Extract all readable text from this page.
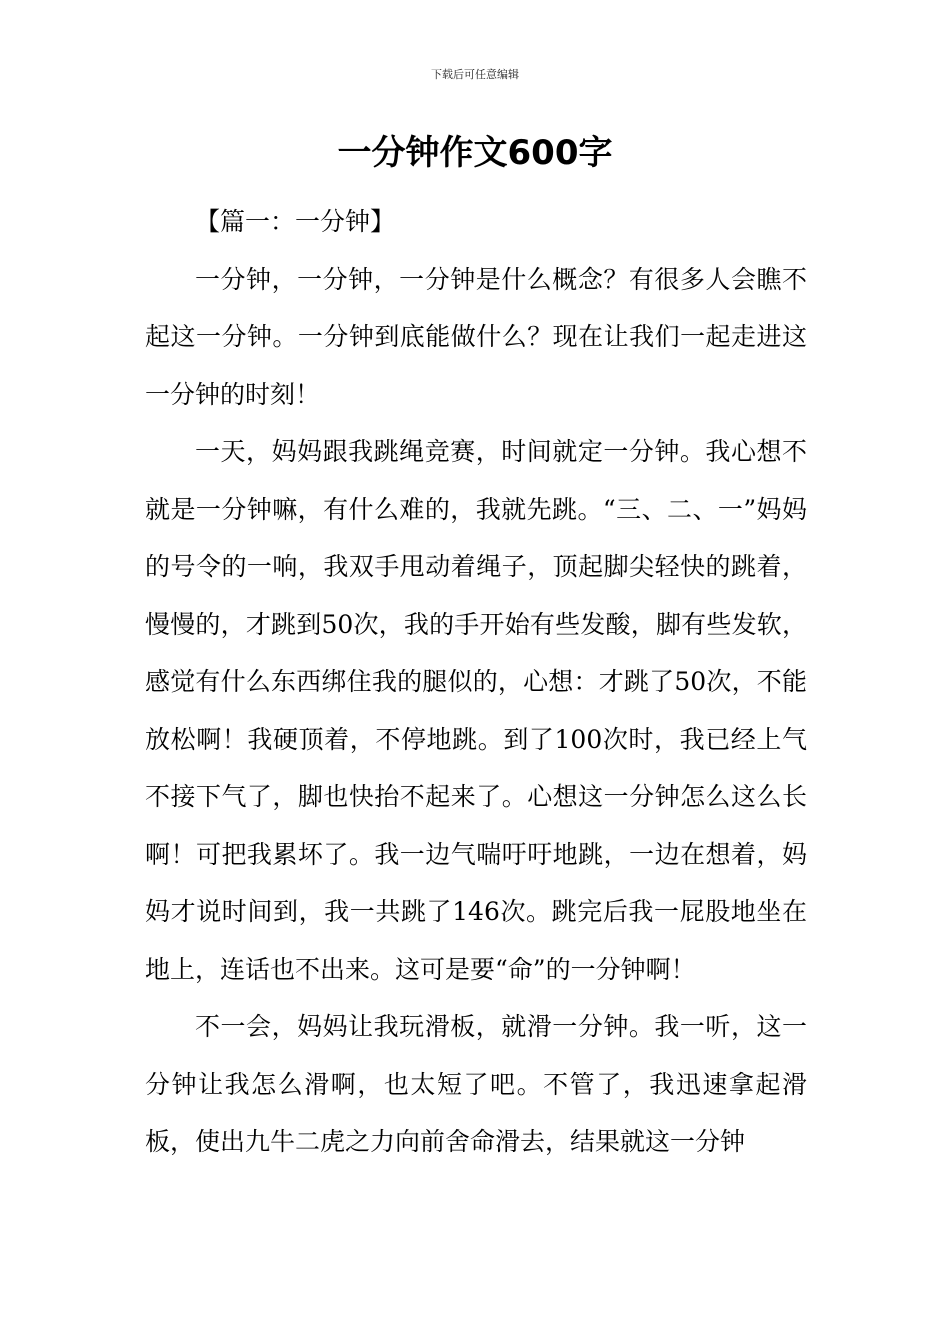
下载后可任意编辑
一分钟作文600字
【篇一：一分钟】

一分钟，一分钟，一分钟是什么概念？有很多人会瞧不起这一分钟。一分钟到底能做什么？现在让我们一起走进这一分钟的时刻！

一天，妈妈跟我跳绳竞赛，时间就定一分钟。我心想不就是一分钟嘛，有什么难的，我就先跳。“三、二、一”妈妈的号令的一响，我双手甩动着绳子，顶起脚尖轻快的跳着，慢慢的，才跳到50次，我的手开始有些发酸，脚有些发软，感觉有什么东西绑住我的腿似的，心想：才跳了50次，不能放松啊！我硬顶着，不停地跳。到了100次时，我已经上气不接下气了，脚也快抬不起来了。心想这一分钟怎么这么长啊！可把我累坏了。我一边气喘吁吁地跳，一边在想着，妈妈才说时间到，我一共跳了146次。跳完后我一屁股地坐在地上，连话也不出来。这可是要“命”的一分钟啊！

不一会，妈妈让我玩滑板，就滑一分钟。我一听，这一分钟让我怎么滑啊，也太短了吧。不管了，我迅速拿起滑板，使出九牛二虎之力向前舍命滑去，结果就这一分钟
